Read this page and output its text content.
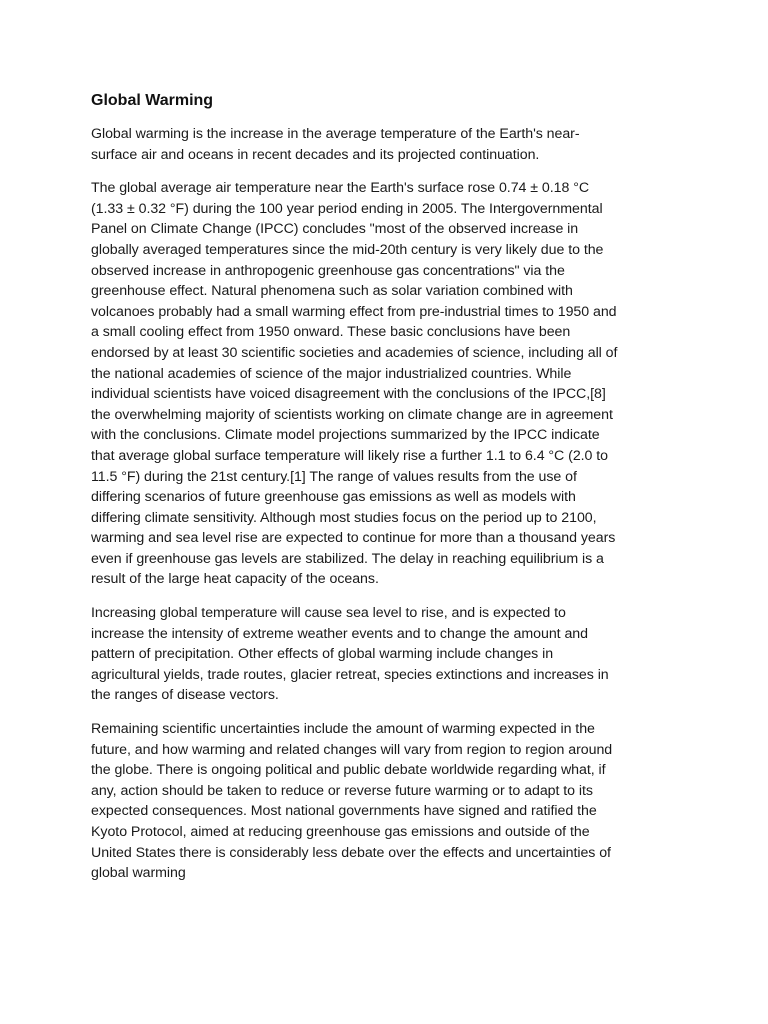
Global Warming

Global warming is the increase in the average temperature of the Earth's near-
surface air and oceans in recent decades and its projected continuation.

The global average air temperature near the Earth's surface rose 0.74 ± 0.18 °C
(1.33 ± 0.32 °F) during the 100 year period ending in 2005. The Intergovernmental
Panel on Climate Change (IPCC) concludes "most of the observed increase in
globally averaged temperatures since the mid-20th century is very likely due to the
observed increase in anthropogenic greenhouse gas concentrations" via the
greenhouse effect. Natural phenomena such as solar variation combined with
volcanoes probably had a small warming effect from pre-industrial times to 1950 and
a small cooling effect from 1950 onward. These basic conclusions have been
endorsed by at least 30 scientific societies and academies of science, including all of
the national academies of science of the major industrialized countries. While
individual scientists have voiced disagreement with the conclusions of the IPCC,[8]
the overwhelming majority of scientists working on climate change are in agreement
with the conclusions. Climate model projections summarized by the IPCC indicate
that average global surface temperature will likely rise a further 1.1 to 6.4 °C (2.0 to
11.5 °F) during the 21st century.[1] The range of values results from the use of
differing scenarios of future greenhouse gas emissions as well as models with
differing climate sensitivity. Although most studies focus on the period up to 2100,
warming and sea level rise are expected to continue for more than a thousand years
even if greenhouse gas levels are stabilized. The delay in reaching equilibrium is a
result of the large heat capacity of the oceans.

Increasing global temperature will cause sea level to rise, and is expected to
increase the intensity of extreme weather events and to change the amount and
pattern of precipitation. Other effects of global warming include changes in
agricultural yields, trade routes, glacier retreat, species extinctions and increases in
the ranges of disease vectors.

Remaining scientific uncertainties include the amount of warming expected in the
future, and how warming and related changes will vary from region to region around
the globe. There is ongoing political and public debate worldwide regarding what, if
any, action should be taken to reduce or reverse future warming or to adapt to its
expected consequences. Most national governments have signed and ratified the
Kyoto Protocol, aimed at reducing greenhouse gas emissions and outside of the
United States there is considerably less debate over the effects and uncertainties of
global warming
